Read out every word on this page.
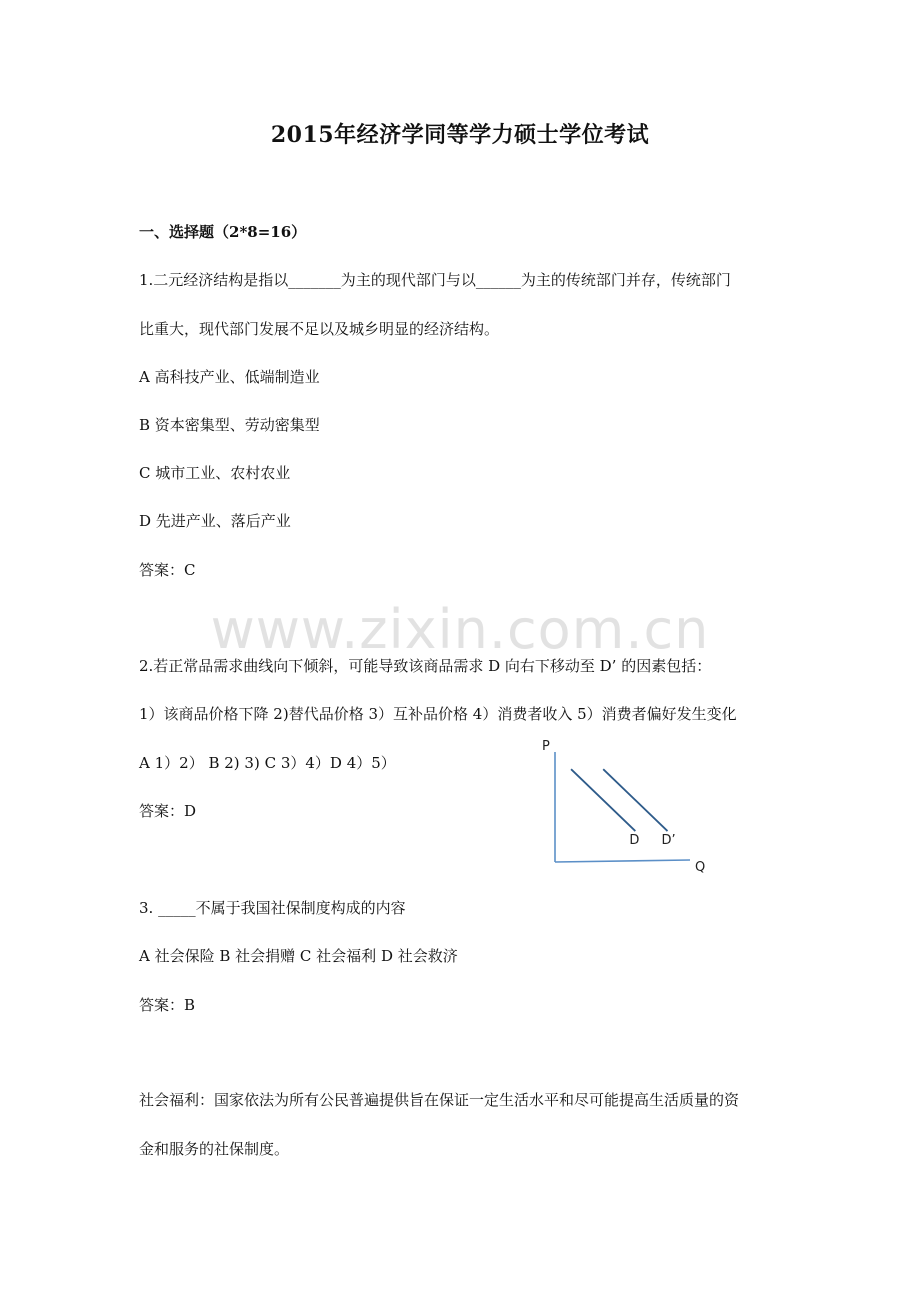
www.zixin.com.cn
2015年经济学同等学力硕士学位考试
一、选择题（2*8=16）
1.二元经济结构是指以_______为主的现代部门与以______为主的传统部门并存，传统部门
比重大，现代部门发展不足以及城乡明显的经济结构。
A 高科技产业、低端制造业
B 资本密集型、劳动密集型
C 城市工业、农村农业
D 先进产业、落后产业
答案：C
2.若正常品需求曲线向下倾斜，可能导致该商品需求 D 向右下移动至 D’ 的因素包括：
1）该商品价格下降 2)替代品价格 3）互补品价格 4）消费者收入 5）消费者偏好发生变化
A 1）2） B 2) 3) C 3）4）D 4）5）
答案：D
P
Q
D D’
3. _____不属于我国社保制度构成的内容
A 社会保险 B 社会捐赠 C 社会福利 D 社会救济
答案：B
社会福利：国家依法为所有公民普遍提供旨在保证一定生活水平和尽可能提高生活质量的资
金和服务的社保制度。
